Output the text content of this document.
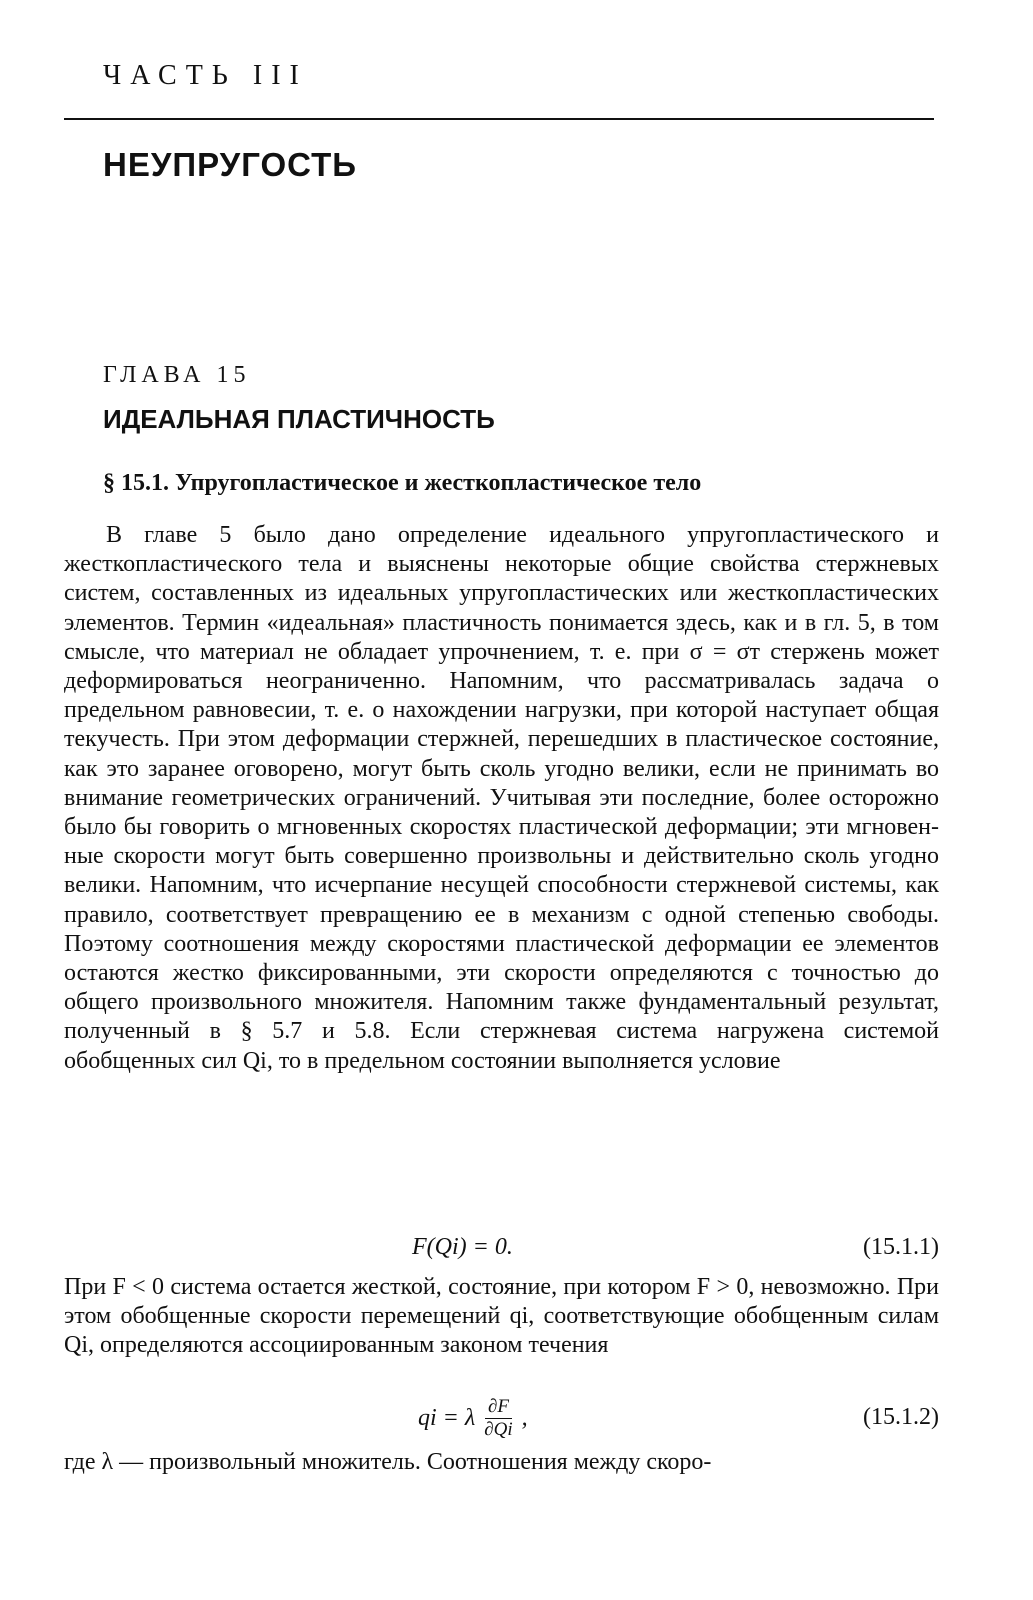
ЧАСТЬ III
НЕУПРУГОСТЬ
ГЛАВА 15
ИДЕАЛЬНАЯ ПЛАСТИЧНОСТЬ
§ 15.1. Упругопластическое и жесткопластическое тело

В главе 5 было дано определение идеального упругопластического и жесткопластического тела и выяснены некоторые общие свойства стержневых систем, составленных из идеальных упругопластических или жесткопластических элементов. Термин «идеальная» пластичность понимается здесь, как и в гл. 5, в том смысле, что материал не обладает упрочнением, т. е. при σ = σт стержень может деформироваться неограниченно. Напомним, что рассматривалась задача о предельном равновесии, т. е. о нахождении нагрузки, при которой наступает общая текучесть. При этом деформации стержней, перешедших в пластическое состояние, как это заранее оговорено, могут быть сколь угодно велики, если не принимать во внимание геометрических ограничений. Учитывая эти последние, более осторожно было бы говорить о мгновенных скоростях пластической деформации; эти мгновенные скорости могут быть совершенно произвольны и действительно сколь угодно велики. Напомним, что исчерпание несущей способности стержневой системы, как правило, соответствует превращению ее в механизм с одной степенью свободы. Поэтому соотношения между скоростями пластической деформации ее элементов остаются жестко фиксированными, эти скорости определяются с точностью до общего произвольного множителя. Напомним также фундаментальный результат, полученный в § 5.7 и 5.8. Если стержневая система нагружена системой обобщенных сил Qi, то в предельном состоянии выполняется условие

F(Qi) = 0.	(15.1.1)

При F < 0 система остается жесткой, состояние, при котором F > 0, невозможно. При этом обобщенные скорости перемещений qi, соответствующие обобщенным силам Qi, определяются ассоциированным законом течения

qi = λ $\frac{\partial F}{\partial Qi}$ ,	(15.1.2)

где λ — произвольный множитель. Соотношения между скоро-
